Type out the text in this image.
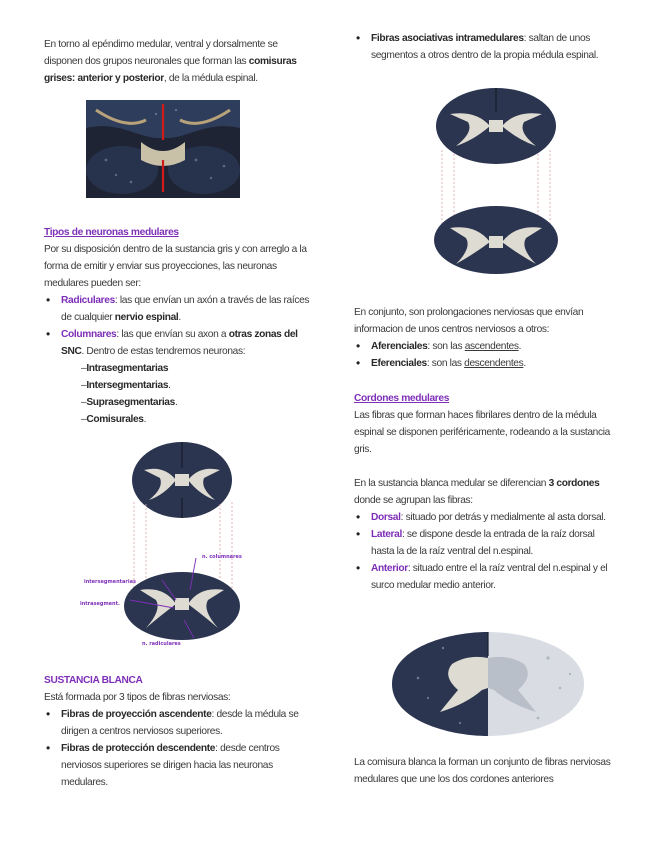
En torno al epéndimo medular, ventral y dorsalmente se disponen dos grupos neuronales que forman las comisuras grises: anterior y posterior, de la médula espinal.
Tipos de neuronas medulares
Por su disposición dentro de la sustancia gris y con arreglo a la forma de emitir y enviar sus proyecciones, las neuronas medulares pueden ser:
• Radiculares: las que envían un axón a través de las raíces de cualquier nervio espinal.
• Columnares: las que envían su axon a otras zonas del SNC. Dentro de estas tendremos neuronas:
– Intrasegmentarias
– Intersegmentarias.
– Suprasegmentarias.
– Comisurales.
n. columnares
intersegmentarias
intrasegment.
n. radiculares
SUSTANCIA BLANCA
Está formada por 3 tipos de fibras nerviosas:
• Fibras de proyección ascendente: desde la médula se dirigen a centros nerviosos superiores.
• Fibras de protección descendente: desde centros nerviosos superiores se dirigen hacia las neuronas medulares.
• Fibras asociativas intramedulares: saltan de unos segmentos a otros dentro de la propia médula espinal.
En conjunto, son prolongaciones nerviosas que envían informacion de unos centros nerviosos a otros:
• Aferenciales: son las ascendentes.
• Eferenciales: son las descendentes.
Cordones medulares
Las fibras que forman haces fibrilares dentro de la médula espinal se disponen periféricamente, rodeando a la sustancia gris.
En la sustancia blanca medular se diferencian 3 cordones donde se agrupan las fibras:
• Dorsal: situado por detrás y medialmente al asta dorsal.
• Lateral: se dispone desde la entrada de la raíz dorsal hasta la de la raíz ventral del n.espinal.
• Anterior: situado entre el la raíz ventral del n.espinal y el surco medular medio anterior.
La comisura blanca la forman un conjunto de fibras nerviosas medulares que une los dos cordones anteriores
